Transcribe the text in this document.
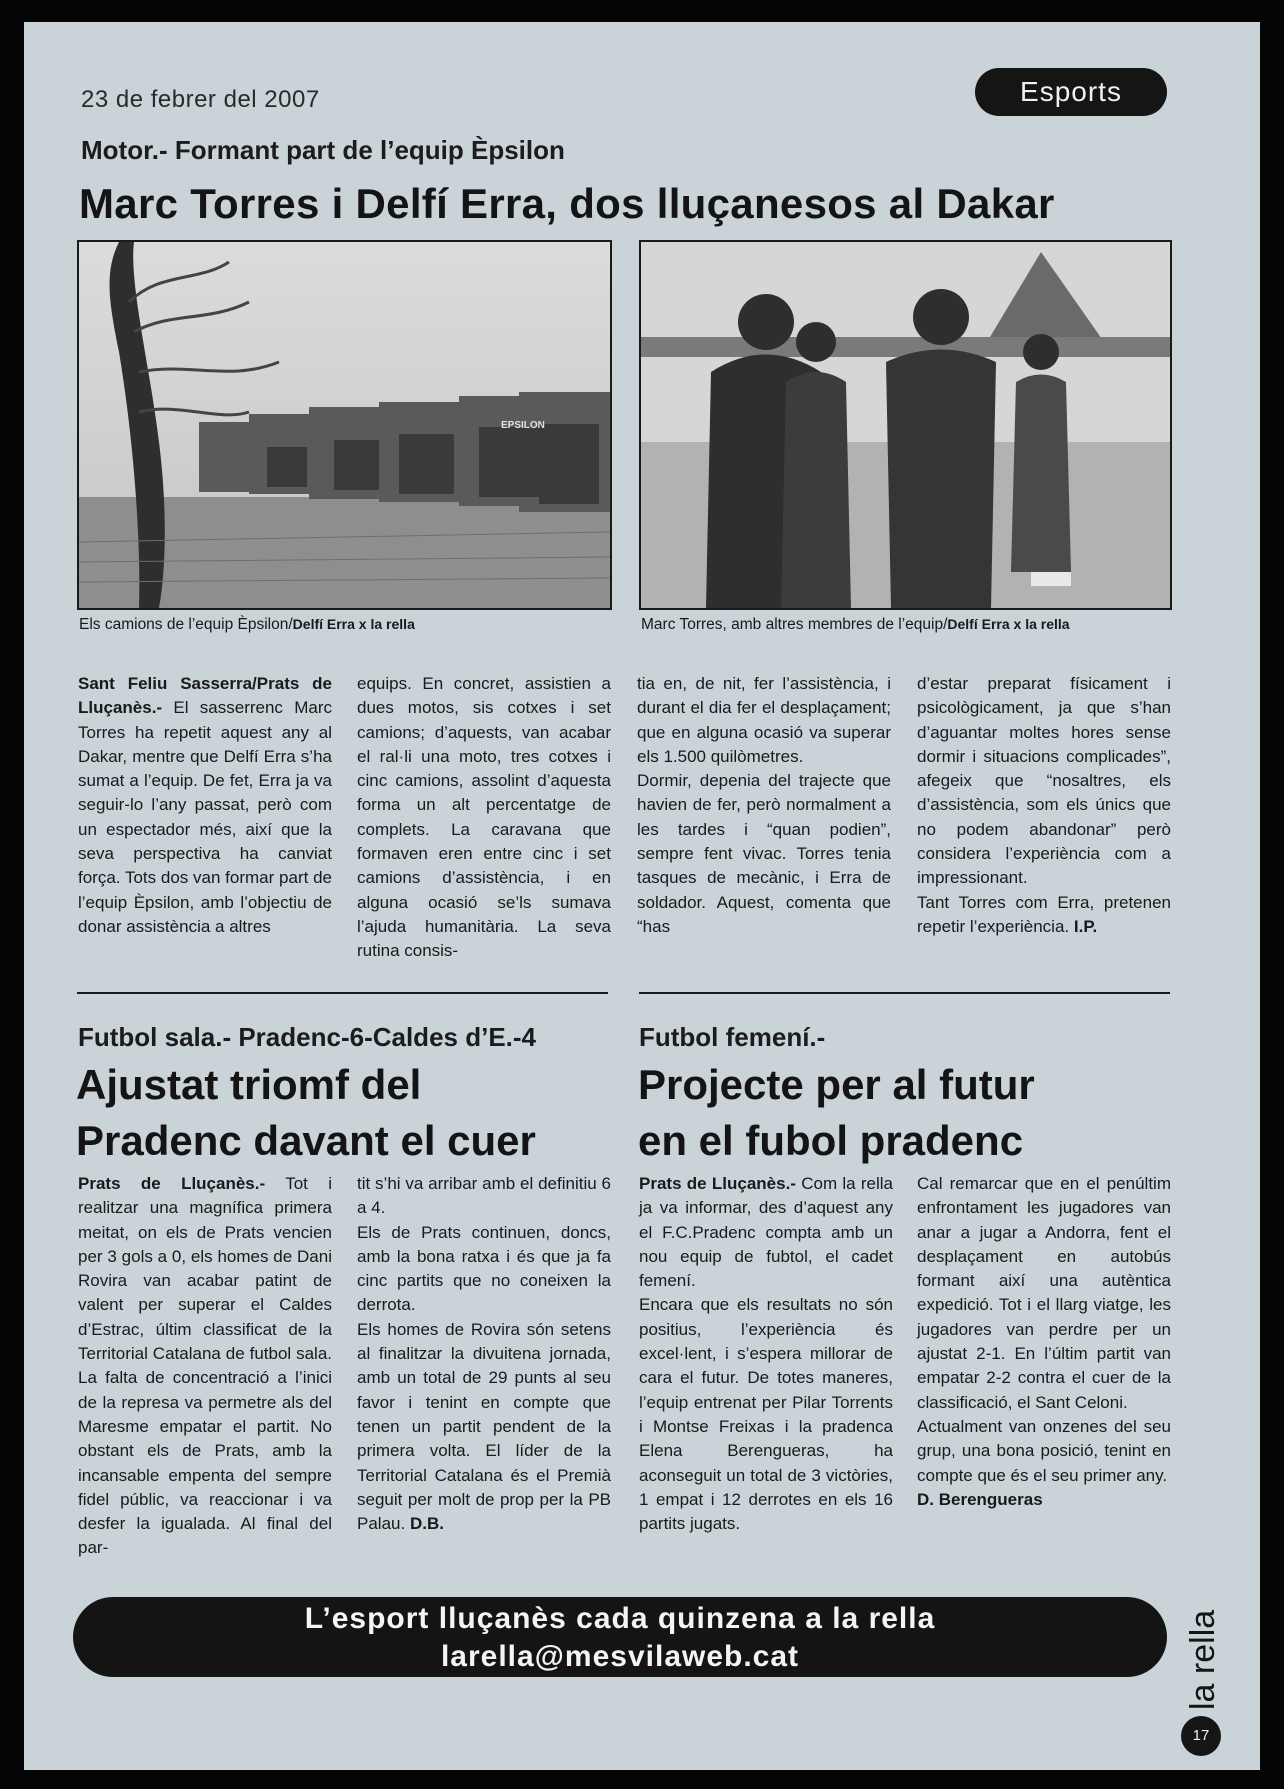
23 de febrer del 2007	Esports
Motor.- Formant part de l’equip Èpsilon
Marc Torres i Delfí Erra, dos lluçanesos al Dakar
EPSILON
Els camions de l’equip Èpsilon/Delfí Erra x la rella	Marc Torres, amb altres membres de l’equip/Delfí Erra x la rella

Sant Feliu Sasserra/Prats de Lluçanès.- El sasserrenc Marc Torres ha repetit aquest any al Dakar, mentre que Delfí Erra s’ha sumat a l’equip. De fet, Erra ja va seguir-lo l’any passat, però com un espectador més, així que la seva perspectiva ha canviat força. Tots dos van formar part de l’equip Èpsilon, amb l’objectiu de donar assistència a altres

equips. En concret, assistien a dues motos, sis cotxes i set camions; d’aquests, van acabar el ral·li una moto, tres cotxes i cinc camions, assolint d’aquesta forma un alt percentatge de complets. La caravana que formaven eren entre cinc i set camions d’assistència, i en alguna ocasió se’ls sumava l’ajuda humanitària. La seva rutina consis-

tia en, de nit, fer l’assistència, i durant el dia fer el desplaçament; que en alguna ocasió va superar els 1.500 quilòmetres.

Dormir, depenia del trajecte que havien de fer, però normalment a les tardes i “quan podien”, sempre fent vivac. Torres tenia tasques de mecànic, i Erra de soldador. Aquest, comenta que “has

d’estar preparat físicament i psicològicament, ja que s’han d’aguantar moltes hores sense dormir i situacions complicades”, afegeix que “nosaltres, els d’assistència, som els únics que no podem abandonar” però considera l’experiència com a impressionant.

Tant Torres com Erra, pretenen repetir l’experiència. I.P.

Futbol sala.- Pradenc-6-Caldes d’E.-4
Ajustat triomf del
Pradenc davant el cuer

Prats de Lluçanès.- Tot i realitzar una magnífica primera meitat, on els de Prats vencien per 3 gols a 0, els homes de Dani Rovira van acabar patint de valent per superar el Caldes d’Estrac, últim classificat de la Territorial Catalana de futbol sala. La falta de concentració a l’inici de la represa va permetre als del Maresme empatar el partit. No obstant els de Prats, amb la incansable empenta del sempre fidel públic, va reaccionar i va desfer la igualada. Al final del par-

tit s’hi va arribar amb el definitiu 6 a 4.

Els de Prats continuen, doncs, amb la bona ratxa i és que ja fa cinc partits que no coneixen la derrota.

Els homes de Rovira són setens al finalitzar la divuitena jornada, amb un total de 29 punts al seu favor i tenint en compte que tenen un partit pendent de la primera volta. El líder de la Territorial Catalana és el Premià seguit per molt de prop per la PB Palau. D.B.

Futbol femení.-
Projecte per al futur
en el fubol pradenc

Prats de Lluçanès.- Com la rella ja va informar, des d’aquest any el F.C.Pradenc compta amb un nou equip de fubtol, el cadet femení.

Encara que els resultats no són positius, l’experiència és excel·lent, i s’espera millorar de cara el futur. De totes maneres, l’equip entrenat per Pilar Torrents i Montse Freixas i la pradenca Elena Berengueras, ha aconseguit un total de 3 victòries, 1 empat i 12 derrotes en els 16 partits jugats.

Cal remarcar que en el penúltim enfrontament les jugadores van anar a jugar a Andorra, fent el desplaçament en autobús formant així una autèntica expedició. Tot i el llarg viatge, les jugadores van perdre per un ajustat 2-1. En l’últim partit van empatar 2-2 contra el cuer de la classificació, el Sant Celoni.

Actualment van onzenes del seu grup, una bona posició, tenint en compte que és el seu primer any.

D. Berengueras

L’esport lluçanès cada quinzena a la rella
larella@mesvilaweb.cat	la rella
17
